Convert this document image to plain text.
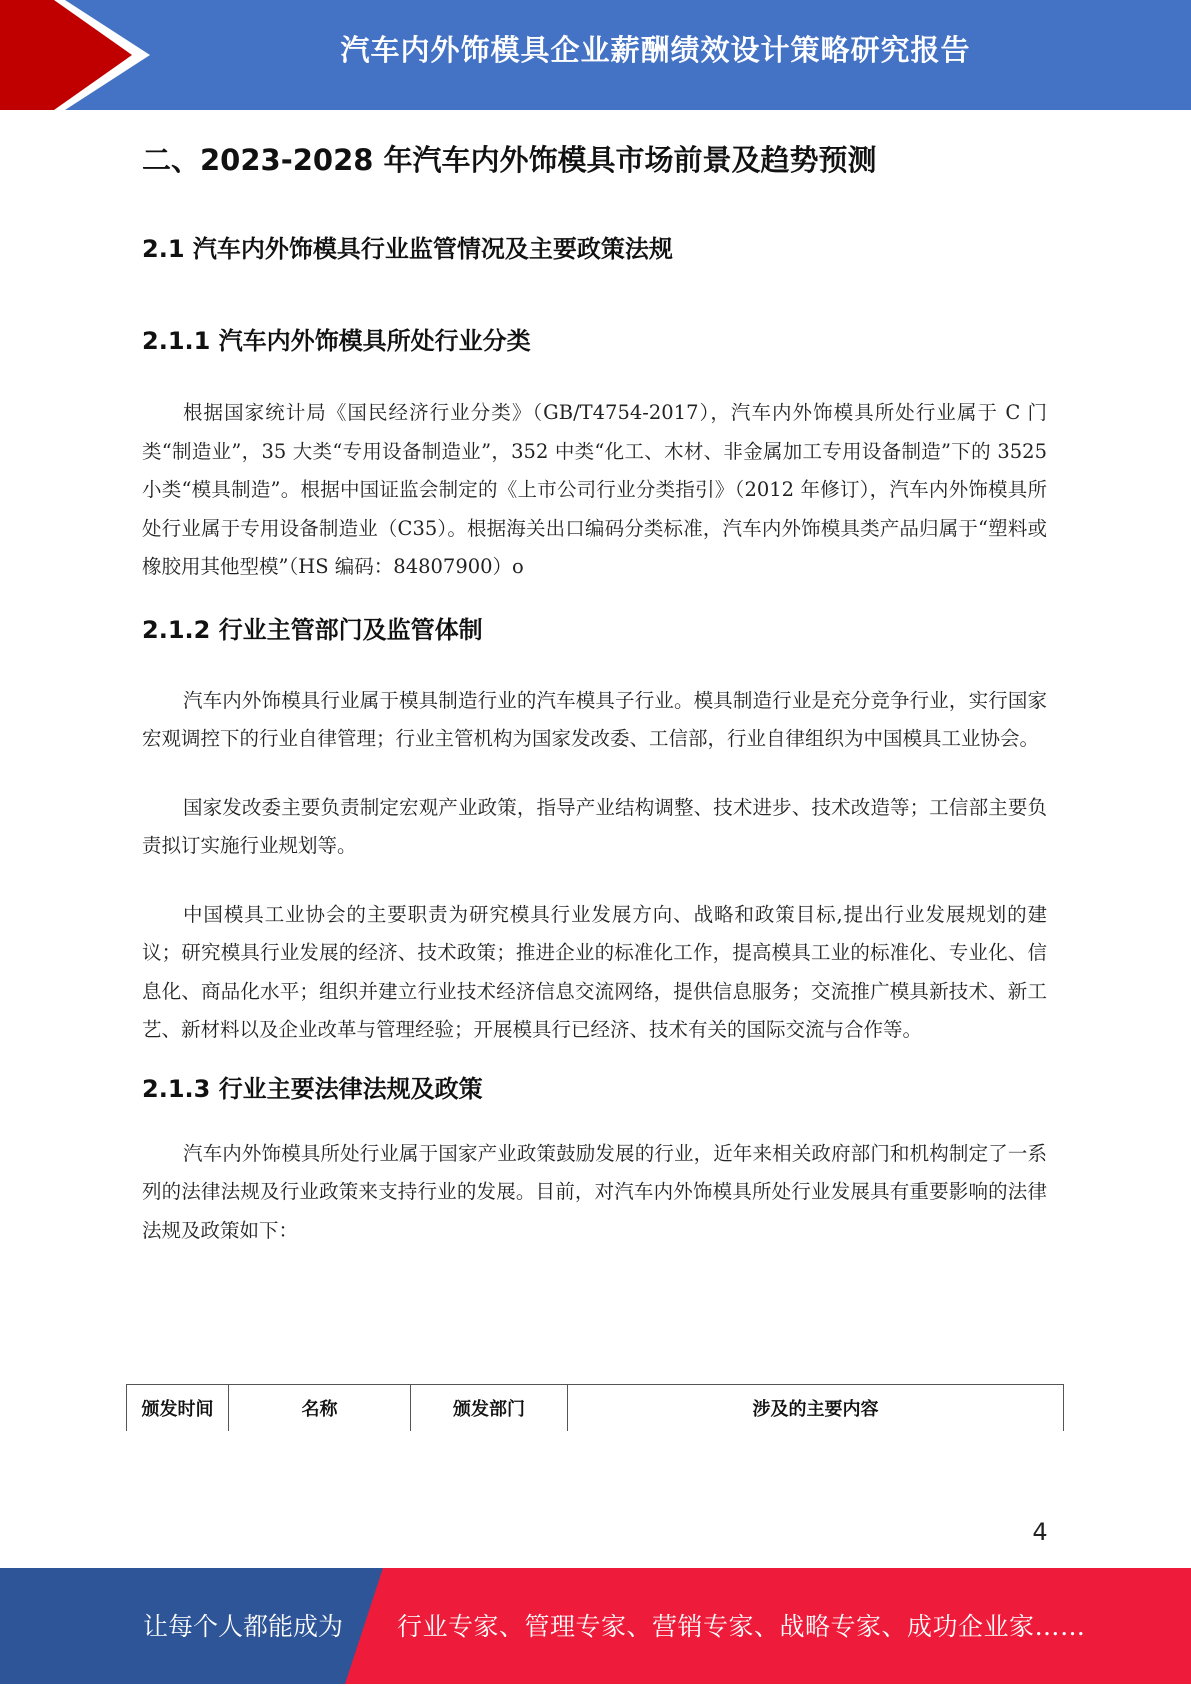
汽车内外饰模具企业薪酬绩效设计策略研究报告
二、2023-2028 年汽车内外饰模具市场前景及趋势预测
2.1 汽车内外饰模具行业监管情况及主要政策法规
2.1.1 汽车内外饰模具所处行业分类

根据国家统计局《国民经济行业分类》（GB/T4754-2017），汽车内外饰模具所处行业属于 C 门类“制造业”，35 大类“专用设备制造业”，352 中类“化工、木材、非金属加工专用设备制造”下的 3525 小类“模具制造”。根据中国证监会制定的《上市公司行业分类指引》（2012 年修订），汽车内外饰模具所处行业属于专用设备制造业（C35）。根据海关出口编码分类标准，汽车内外饰模具类产品归属于“塑料或橡胶用其他型模”（HS 编码：84807900）o

2.1.2 行业主管部门及监管体制

汽车内外饰模具行业属于模具制造行业的汽车模具子行业。模具制造行业是充分竞争行业，实行国家宏观调控下的行业自律管理；行业主管机构为国家发改委、工信部，行业自律组织为中国模具工业协会。

国家发改委主要负责制定宏观产业政策，指导产业结构调整、技术进步、技术改造等；工信部主要负责拟订实施行业规划等。

中国模具工业协会的主要职责为研究模具行业发展方向、战略和政策目标,提出行业发展规划的建议；研究模具行业发展的经济、技术政策；推进企业的标准化工作，提高模具工业的标准化、专业化、信息化、商品化水平；组织并建立行业技术经济信息交流网络，提供信息服务；交流推广模具新技术、新工艺、新材料以及企业改革与管理经验；开展模具行已经济、技术有关的国际交流与合作等。

2.1.3 行业主要法律法规及政策

汽车内外饰模具所处行业属于国家产业政策鼓励发展的行业，近年来相关政府部门和机构制定了一系列的法律法规及行业政策来支持行业的发展。目前，对汽车内外饰模具所处行业发展具有重要影响的法律法规及政策如下：

颁发时间	名称	颁发部门	涉及的主要内容
4
让每个人都能成为 行业专家、管理专家、营销专家、战略专家、成功企业家……
